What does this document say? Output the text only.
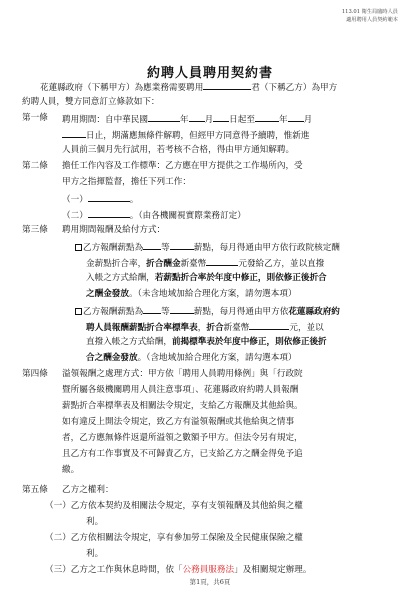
113.01 衛生局臨時人員
適用聘用人員契約範本
約聘人員聘用契約書
花蓮縣政府（下稱甲方）為應業務需要聘用	君（下稱乙方）為甲方
約聘人員，雙方同意訂立條款如下：
第一條 聘用期間：自中華民國	年 月 日起至	年 月
日止，期滿應無條件解聘，但經甲方同意得予續聘，惟新進
人員前三個月先行試用，若考核不合格，得由甲方通知解聘。
第二條 擔任工作內容及工作標準：乙方應在甲方提供之工作場所內，受
甲方之指揮監督，擔任下列工作：
（一）	。
（二）	。（由各機關視實際業務訂定）
第三條 聘用期間報酬及給付方式：
乙方報酬薪點為 等	薪點，每月得通由甲方依行政院核定酬
金薪點折合率，折合酬金新臺幣	元發給乙方，並以直撥
入帳之方式給酬，若薪點折合率於年度中修正，則依修正後折合
之酬金發放。（未含地域加給合理化方案，請勿選本項）
乙方報酬薪點為 等	薪點，每月得通由甲方依花蓮縣政府約
聘人員報酬薪點折合率標準表，折合新臺幣	元，並以
直撥入帳之方式給酬，前揭標準表於年度中修正，則依修正後折
合之酬金發放。（含地域加給合理化方案，請勾選本項）
第四條 溢領報酬之處理方式：甲方依「聘用人員聘用條例」與「行政院
暨所屬各級機關聘用人員注意事項」、花蓮縣政府約聘人員報酬
薪點折合率標準表及相關法令規定，支給乙方報酬及其他給與。
如有違反上開法令規定，致乙方有溢領報酬或其他給與之情事
者，乙方應無條件返還所溢領之數額予甲方。但法令另有規定，
且乙方有工作事實及不可歸責乙方，已支給乙方之酬金得免予追
繳。
第五條 乙方之權利：
（一）乙方依本契約及相關法令規定，享有支領報酬及其他給與之權
利。
（二）乙方依相關法令規定，享有參加勞工保險及全民健康保險之權
利。
（三）乙方之工作與休息時間，依「公務員服務法」及相關規定辦理。
第1頁，共6頁
